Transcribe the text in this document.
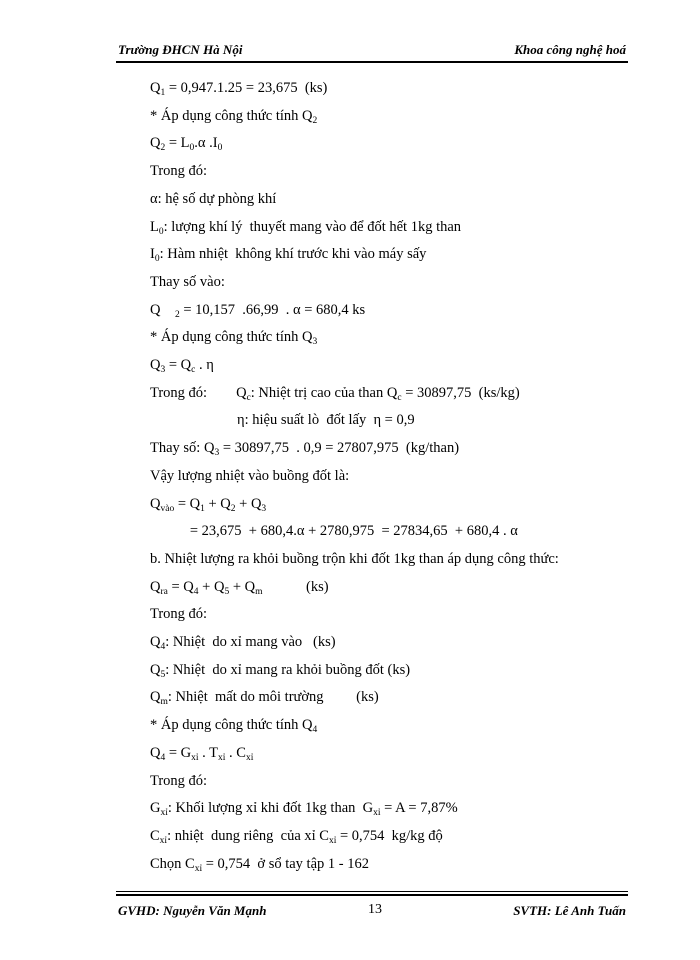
Trường ĐHCN Hà Nội	Khoa công nghệ hoá
$Q_1 = 0,947.1.25 = 23,675$  (ks)
* Áp dụng công thức tính $Q_2$
$Q_2 = L_0.\alpha$ $.I_0$
Trong đó:
α: hệ số dự phòng khí
$L_0$: lượng khí lý  thuyết mang vào để đốt hết 1kg than
$I_0$: Hàm nhiệt  không khí trước khi vào máy sấy
Thay số vào:
Q    $_2$ = 10,157  .66,99  . α = 680,4 ks
* Áp dụng công thức tính $Q_3$
$Q_3 = Q_c$ . η
Trong đó:        $Q_c$: Nhiệt trị cao của than $Q_c = 30897,75$  (ks/kg)
η: hiệu suất lò  đốt lấy  η = 0,9
Thay số: $Q_3 = 30897,75$  . 0,9 = 27807,975  (kg/than)
Vậy lượng nhiệt vào buồng đốt là:
$Q_{vào} = Q_1 + Q_2 + Q_3$
= 23,675  + 680,4.α + 2780,975  = 27834,65  + 680,4 . α
b. Nhiệt lượng ra khỏi buồng trộn khi đốt 1kg than áp dụng công thức:
$Q_{ra} = Q_4 + Q_5 + Q_m$            (ks)
Trong đó:
$Q_4$: Nhiệt  do xỉ mang vào   (ks)
$Q_5$: Nhiệt  do xỉ mang ra khỏi buồng đốt (ks)
$Q_m$: Nhiệt  mất do môi trường         (ks)
* Áp dụng công thức tính $Q_4$
$Q_4 = G_{xỉ}$ . $T_{xỉ}$ . $C_{xỉ}$
Trong đó:
$G_{xỉ}$: Khối lượng xỉ khi đốt 1kg than  $G_{xỉ} = A = 7,87\%$
$C_{xỉ}$: nhiệt  dung riêng  của xỉ $C_{xỉ} = 0,754$  kg/kg độ
Chọn $C_{xỉ} = 0,754$  ở sổ tay tập 1 - 162
GVHD: Nguyễn Văn Mạnh	13	SVTH: Lê Anh Tuấn
